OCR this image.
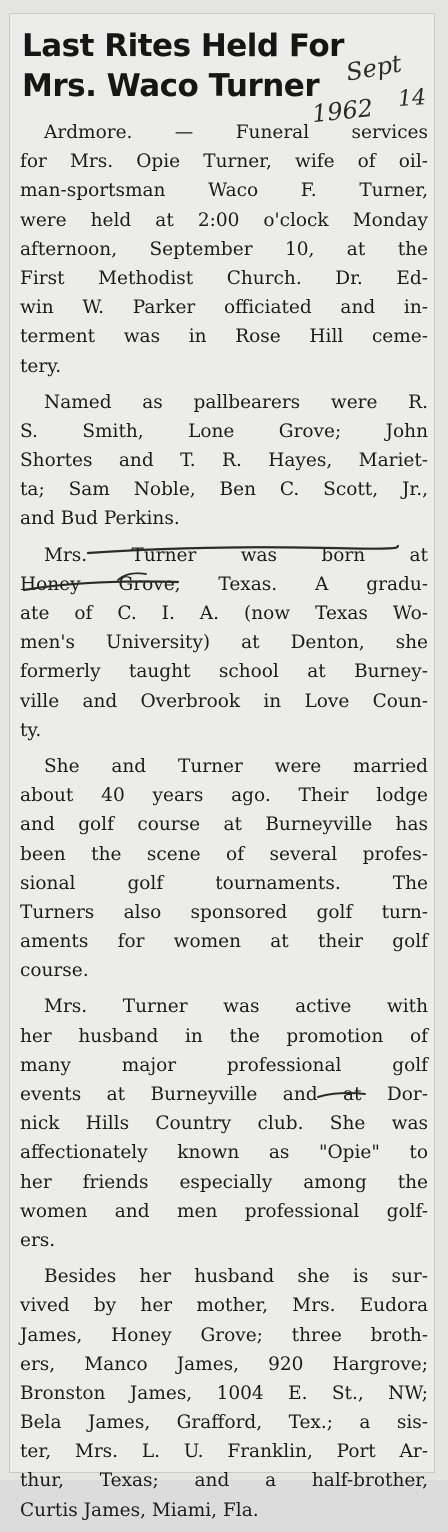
Last Rites Held For
Mrs. Waco Turner	Sept
14
1962
Ardmore. — Funeral services
for Mrs. Opie Turner, wife of oil-
man-sportsman Waco F. Turner,
were held at 2:00 o'clock Monday
afternoon, September 10, at the
First Methodist Church. Dr. Ed-
win W. Parker officiated and in-
terment was in Rose Hill ceme-
tery.
Named as pallbearers were R.
S. Smith, Lone Grove; John
Shortes and T. R. Hayes, Mariet-
ta; Sam Noble, Ben C. Scott, Jr.,
and Bud Perkins.
Mrs. Turner was born at
Honey Grove, Texas. A gradu-
ate of C. I. A. (now Texas Wo-
men's University) at Denton, she
formerly taught school at Burney-
ville and Overbrook in Love Coun-
ty.
She and Turner were married
about 40 years ago. Their lodge
and golf course at Burneyville has
been the scene of several profes-
sional golf tournaments. The
Turners also sponsored golf turn-
aments for women at their golf
course.
Mrs. Turner was active with
her husband in the promotion of
many major professional golf
events at Burneyville and at Dor-
nick Hills Country club. She was
affectionately known as "Opie" to
her friends especially among the
women and men professional golf-
ers.
Besides her husband she is sur-
vived by her mother, Mrs. Eudora
James, Honey Grove; three broth-
ers, Manco James, 920 Hargrove;
Bronston James, 1004 E. St., NW;
Bela James, Grafford, Tex.; a sis-
ter, Mrs. L. U. Franklin, Port Ar-
thur, Texas; and a half-brother,
Curtis James, Miami, Fla.
